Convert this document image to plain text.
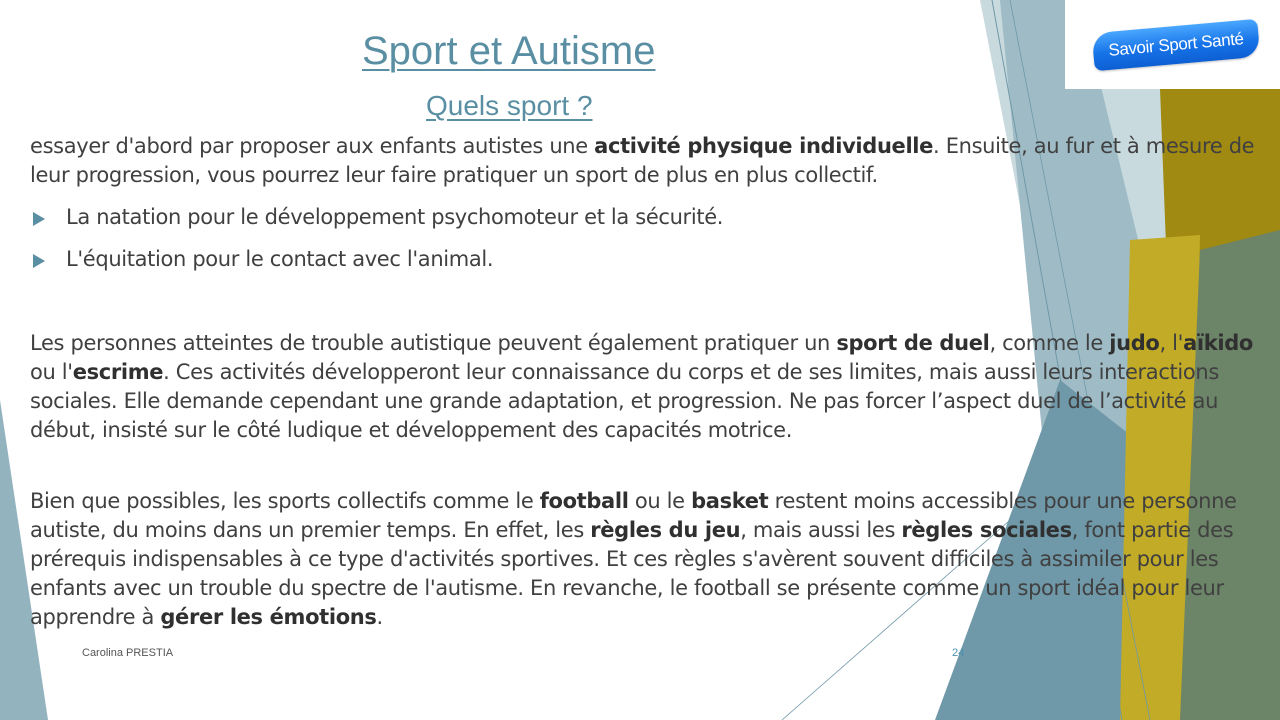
Savoir Sport Santé
Sport et Autisme
Quels sport ?

essayer d'abord par proposer aux enfants autistes une activité physique individuelle. Ensuite, au fur et à mesure de leur progression, vous pourrez leur faire pratiquer un sport de plus en plus collectif.

La natation pour le développement psychomoteur et la sécurité.
L'équitation pour le contact avec l'animal.

Les personnes atteintes de trouble autistique peuvent également pratiquer un sport de duel, comme le judo, l'aïkido ou l'escrime. Ces activités développeront leur connaissance du corps et de ses limites, mais aussi leurs interactions sociales. Elle demande cependant une grande adaptation, et progression. Ne pas forcer l’aspect duel de l’activité au début, insisté sur le côté ludique et développement des capacités motrice.

Bien que possibles, les sports collectifs comme le football ou le basket restent moins accessibles pour une personne autiste, du moins dans un premier temps. En effet, les règles du jeu, mais aussi les règles sociales, font partie des prérequis indispensables à ce type d'activités sportives. Et ces règles s'avèrent souvent difficiles à assimiler pour les enfants avec un trouble du spectre de l'autisme. En revanche, le football se présente comme un sport idéal pour leur apprendre à gérer les émotions.

Carolina PRESTIA	24
